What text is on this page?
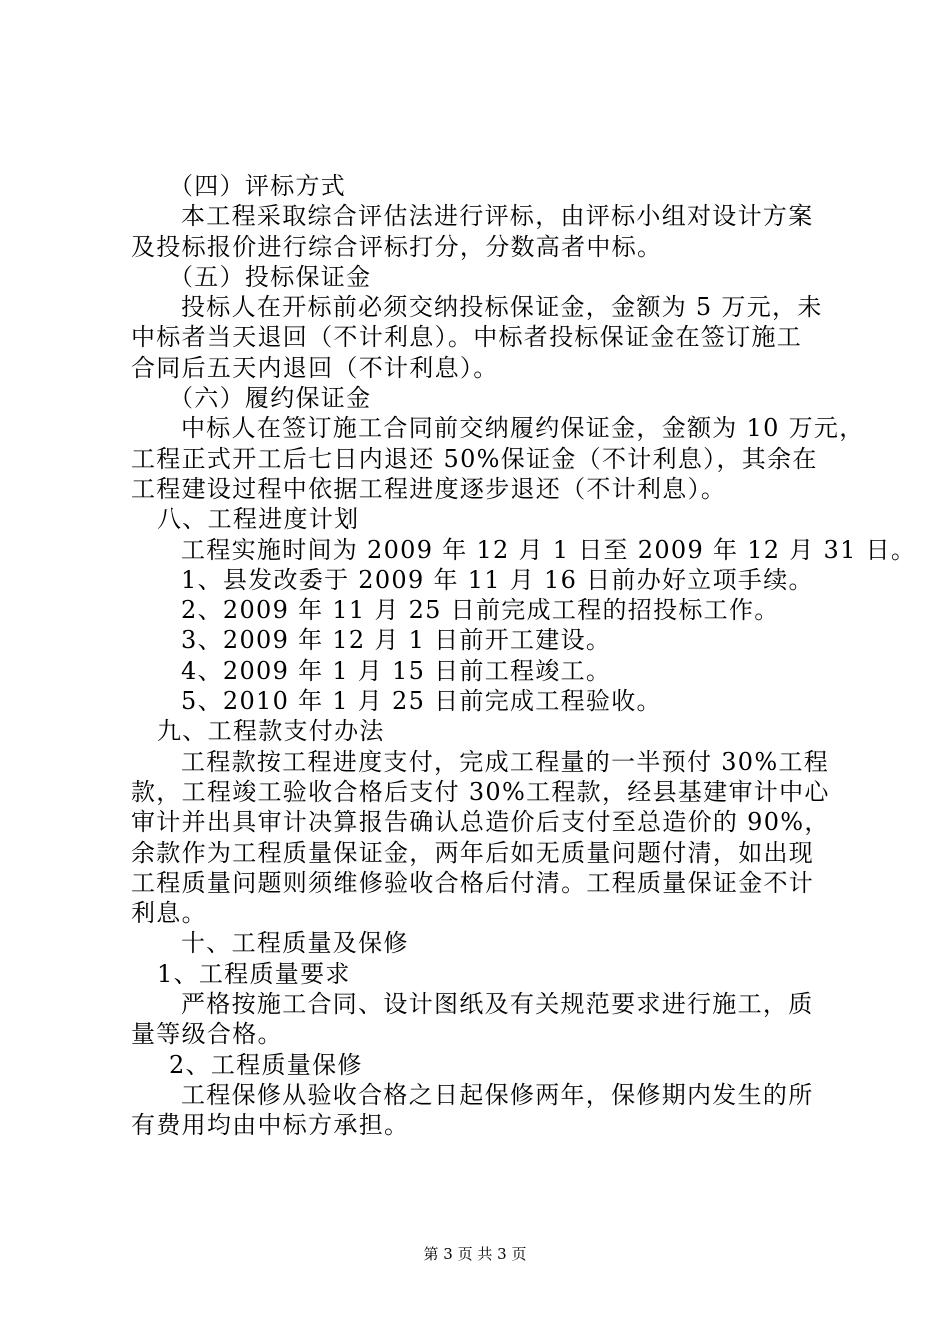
（四）评标方式
本工程采取综合评估法进行评标，由评标小组对设计方案
及投标报价进行综合评标打分，分数高者中标。
（五）投标保证金
投标人在开标前必须交纳投标保证金，金额为 5 万元，未
中标者当天退回（不计利息）。中标者投标保证金在签订施工
合同后五天内退回（不计利息）。
（六）履约保证金
中标人在签订施工合同前交纳履约保证金，金额为 10 万元，
工程正式开工后七日内退还 50%保证金（不计利息），其余在
工程建设过程中依据工程进度逐步退还（不计利息）。
八、工程进度计划
工程实施时间为 2009 年 12 月 1 日至 2009 年 12 月 31 日。
1、县发改委于 2009 年 11 月 16 日前办好立项手续。
2、2009 年 11 月 25 日前完成工程的招投标工作。
3、2009 年 12 月 1 日前开工建设。
4、2009 年 1 月 15 日前工程竣工。
5、2010 年 1 月 25 日前完成工程验收。
九、工程款支付办法
工程款按工程进度支付，完成工程量的一半预付 30%工程
款，工程竣工验收合格后支付 30%工程款，经县基建审计中心
审计并出具审计决算报告确认总造价后支付至总造价的 90%，
余款作为工程质量保证金，两年后如无质量问题付清，如出现
工程质量问题则须维修验收合格后付清。工程质量保证金不计
利息。
十、工程质量及保修
1、工程质量要求
严格按施工合同、设计图纸及有关规范要求进行施工，质
量等级合格。
2、工程质量保修
工程保修从验收合格之日起保修两年，保修期内发生的所
有费用均由中标方承担。
第 3 页 共 3 页
